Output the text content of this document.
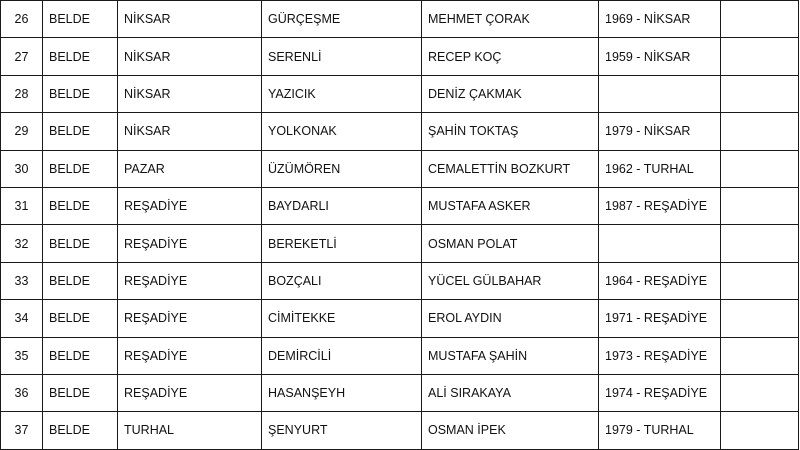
26	BELDE	NİKSAR	GÜRÇEŞME	MEHMET ÇORAK	1969 - NİKSAR	
27	BELDE	NİKSAR	SERENLİ	RECEP KOÇ	1959 - NİKSAR	
28	BELDE	NİKSAR	YAZICIK	DENİZ ÇAKMAK		
29	BELDE	NİKSAR	YOLKONAK	ŞAHİN TOKTAŞ	1979 - NİKSAR	
30	BELDE	PAZAR	ÜZÜMÖREN	CEMALETTİN BOZKURT	1962 - TURHAL	
31	BELDE	REŞADİYE	BAYDARLI	MUSTAFA ASKER	1987 - REŞADİYE	
32	BELDE	REŞADİYE	BEREKETLİ	OSMAN POLAT		
33	BELDE	REŞADİYE	BOZÇALI	YÜCEL GÜLBAHAR	1964 - REŞADİYE	
34	BELDE	REŞADİYE	CİMİTEKKE	EROL AYDIN	1971 - REŞADİYE	
35	BELDE	REŞADİYE	DEMİRCİLİ	MUSTAFA ŞAHİN	1973 - REŞADİYE	
36	BELDE	REŞADİYE	HASANŞEYH	ALİ SIRAKAYA	1974 - REŞADİYE	
37	BELDE	TURHAL	ŞENYURT	OSMAN İPEK	1979 - TURHAL	
